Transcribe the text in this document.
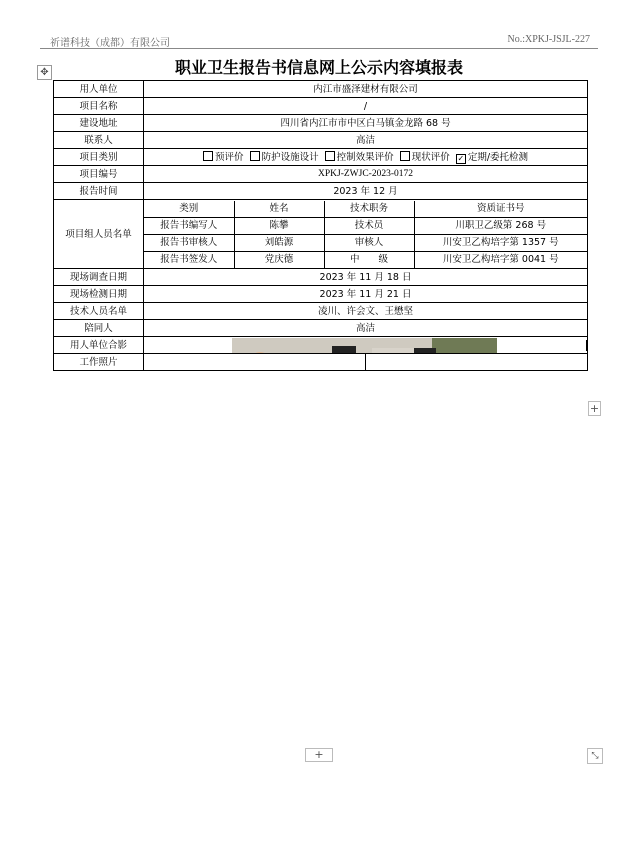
祈谱科技（成都）有限公司	No.:XPKJ-JSJL-227
✥	职业卫生报告书信息网上公示内容填报表
用人单位	内江市盛泽建材有限公司
项目名称	/
建设地址	四川省内江市市中区白马镇金龙路 68 号
联系人	高洁
项目类别	预评价 防护设施设计 控制效果评价 现状评价 ✓ 定期/委托检测
项目编号	XPKJ-ZWJC-2023-0172
报告时间	2023 年 12 月
项目组人员名单	
类别	姓名	技术职务	资质证书号
报告书编写人	陈攀	技术员	川职卫乙级第 268 号
报告书审核人	刘皓源	审核人	川安卫乙构培字第 1357 号
报告书签发人	党庆德	中　　级	川安卫乙构培字第 0041 号

现场调查日期	2023 年 11 月 18 日
现场检测日期	2023 年 11 月 21 日
技术人员名单	凌川、许会文、王懋坚
陪同人	高洁
用人单位合影	

工作照片	

+
+	⤡
